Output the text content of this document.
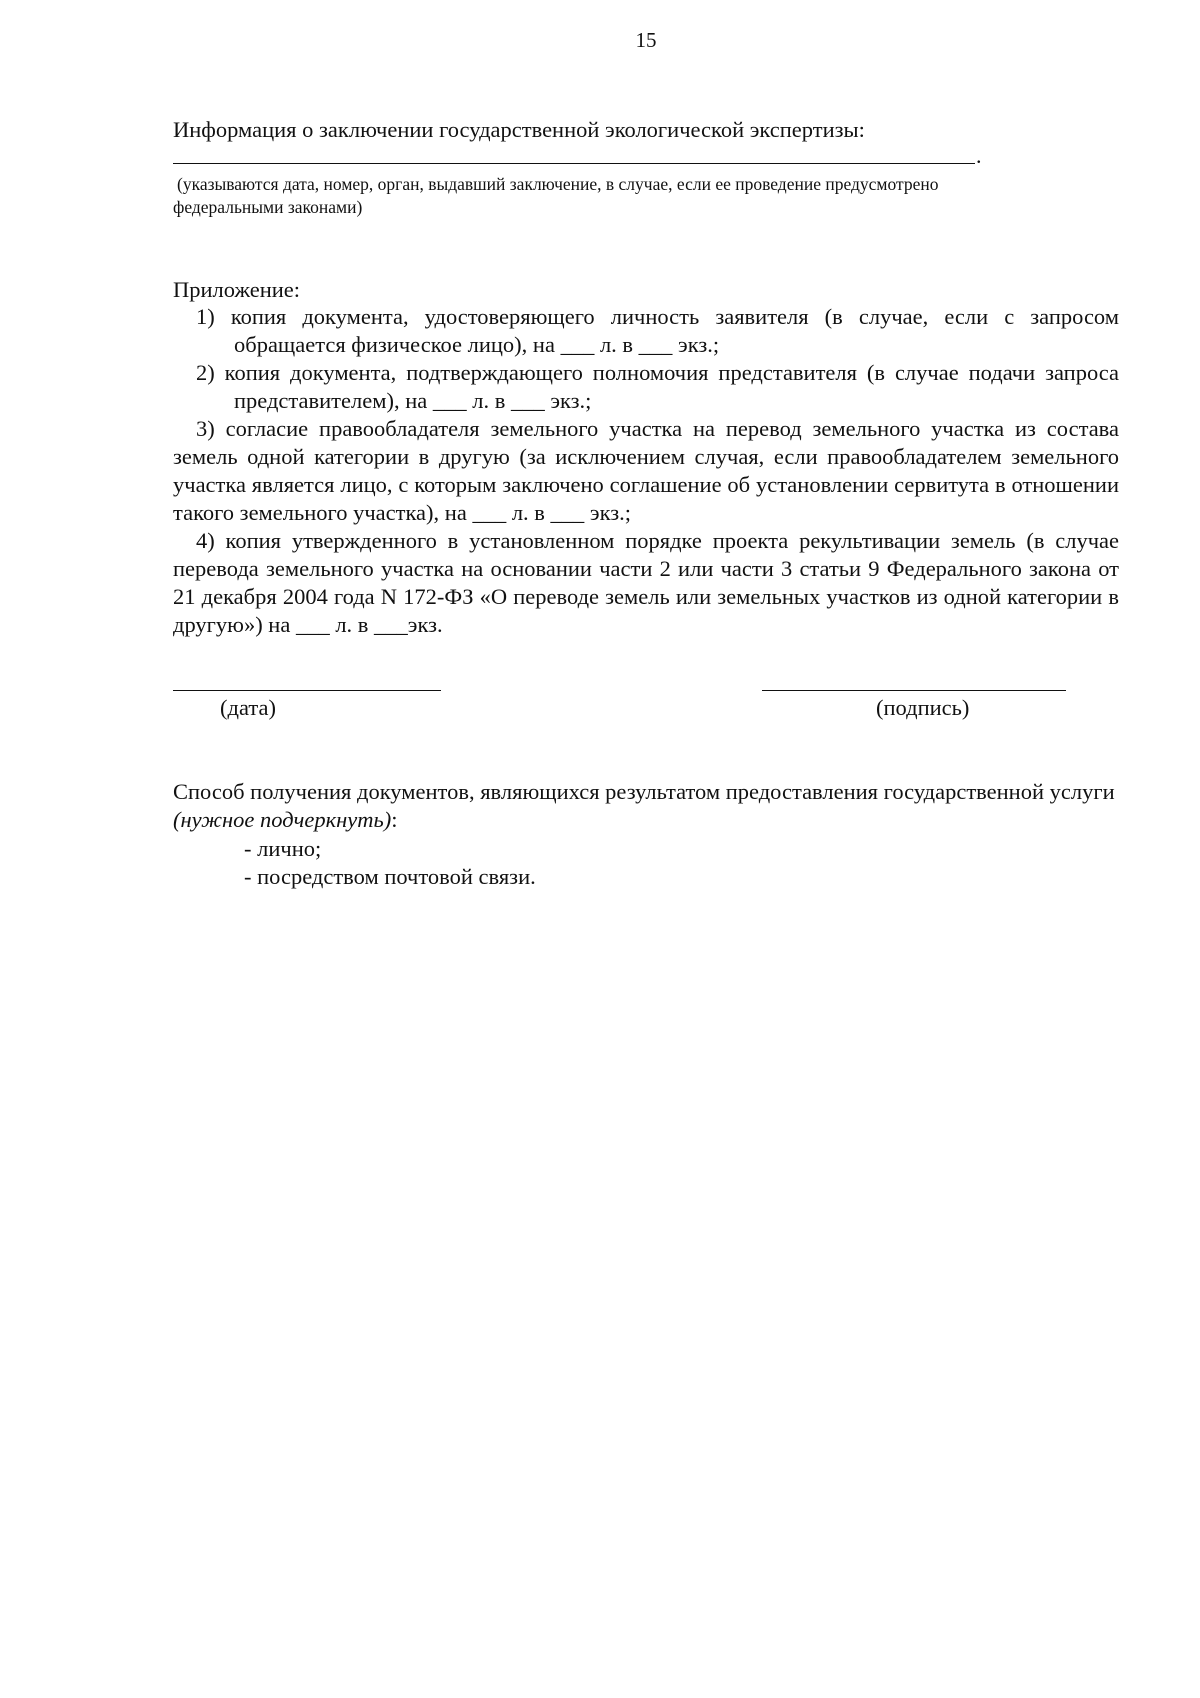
15
Информация о заключении государственной экологической экспертизы:
.
(указываются дата, номер, орган, выдавший заключение, в случае, если ее проведение предусмотрено
федеральными законами)
Приложение:
1) копия документа, удостоверяющего личность заявителя (в случае, если с запросом обращается физическое лицо), на ___ л. в ___ экз.;
2) копия документа, подтверждающего полномочия представителя (в случае подачи запроса представителем), на ___ л. в ___ экз.;
3) согласие правообладателя земельного участка на перевод земельного участка из состава земель одной категории в другую (за исключением случая, если правообладателем земельного участка является лицо, с которым заключено соглашение об установлении сервитута в отношении такого земельного участка), на ___ л. в ___ экз.;
4) копия утвержденного в установленном порядке проекта рекультивации земель (в случае перевода земельного участка на основании части 2 или части 3 статьи 9 Федерального закона от 21 декабря 2004 года N 172-ФЗ «О переводе земель или земельных участков из одной категории в другую») на ___ л. в ___экз.
(дата)	(подпись)
Способ получения документов, являющихся результатом предоставления государственной услуги (нужное подчеркнуть):
- лично;
- посредством почтовой связи.
